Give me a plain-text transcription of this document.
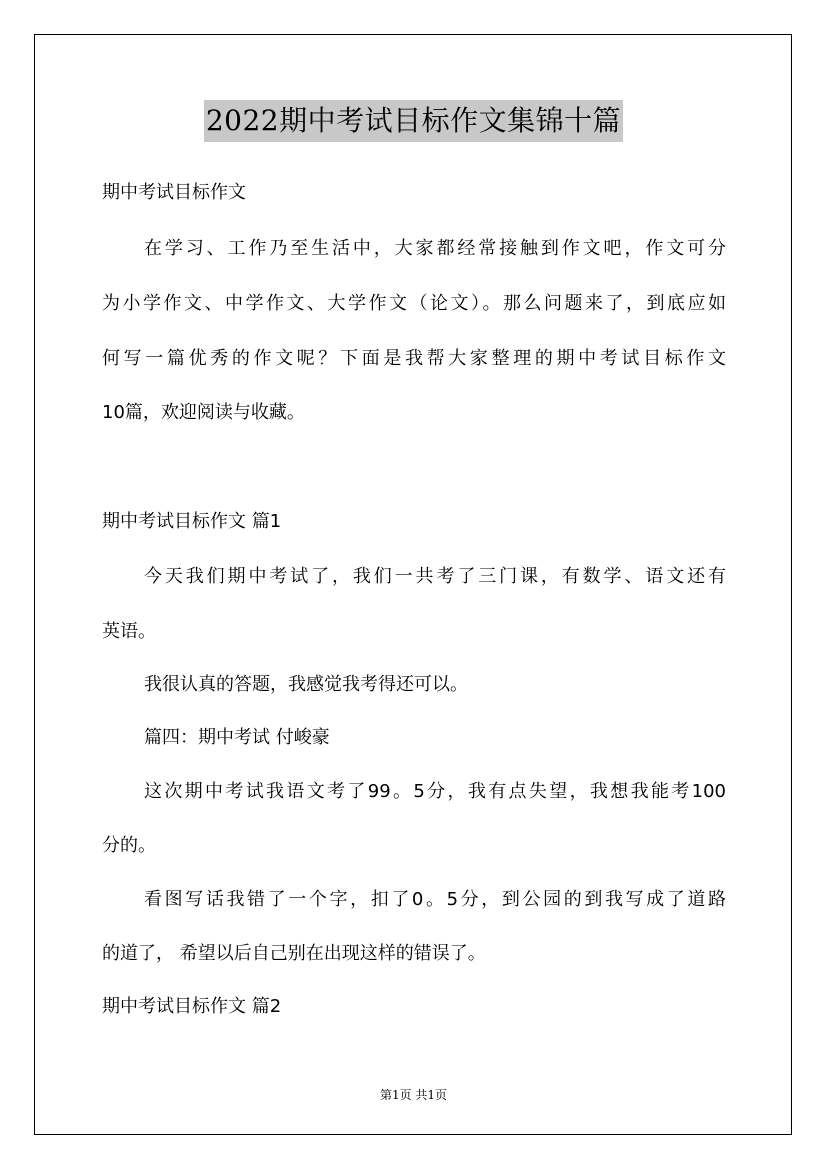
2022期中考试目标作文集锦十篇

期中考试目标作文

在学习、工作乃至生活中，大家都经常接触到作文吧，作文可分

为小学作文、中学作文、大学作文（论文）。那么问题来了，到底应如

何写一篇优秀的作文呢？下面是我帮大家整理的期中考试目标作文

10篇，欢迎阅读与收藏。

期中考试目标作文 篇1

今天我们期中考试了，我们一共考了三门课，有数学、语文还有

英语。

我很认真的答题，我感觉我考得还可以。

篇四：期中考试 付峻豪

这次期中考试我语文考了99。5分，我有点失望，我想我能考100

分的。

看图写话我错了一个字，扣了0。5分，到公园的到我写成了道路

的道了， 希望以后自己别在出现这样的错误了。

期中考试目标作文 篇2

第1页 共1页
